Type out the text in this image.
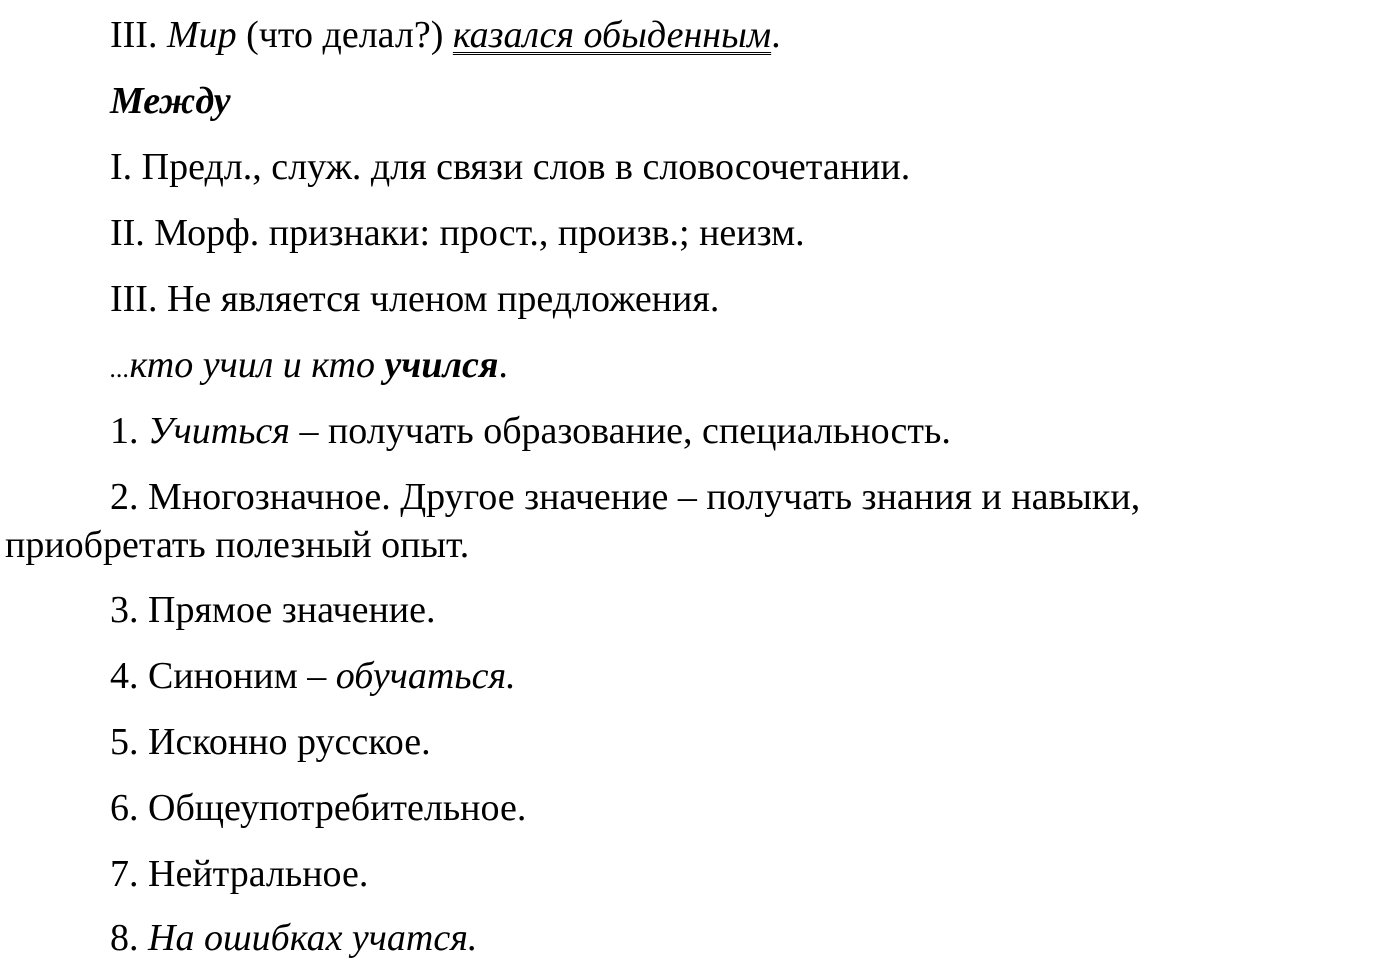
III. Мир (что делал?) казался обыденным.
Между
I. Предл., служ. для связи слов в словосочетании.
II. Морф. признаки: прост., произв.; неизм.
III. Не является членом предложения.
...кто учил и кто учился.
1. Учиться – получать образование, специальность.
2. Многозначное. Другое значение – получать знания и навыки, приобретать полезный опыт.
3. Прямое значение.
4. Синоним – обучаться.
5. Исконно русское.
6. Общеупотребительное.
7. Нейтральное.
8. На ошибках учатся.
